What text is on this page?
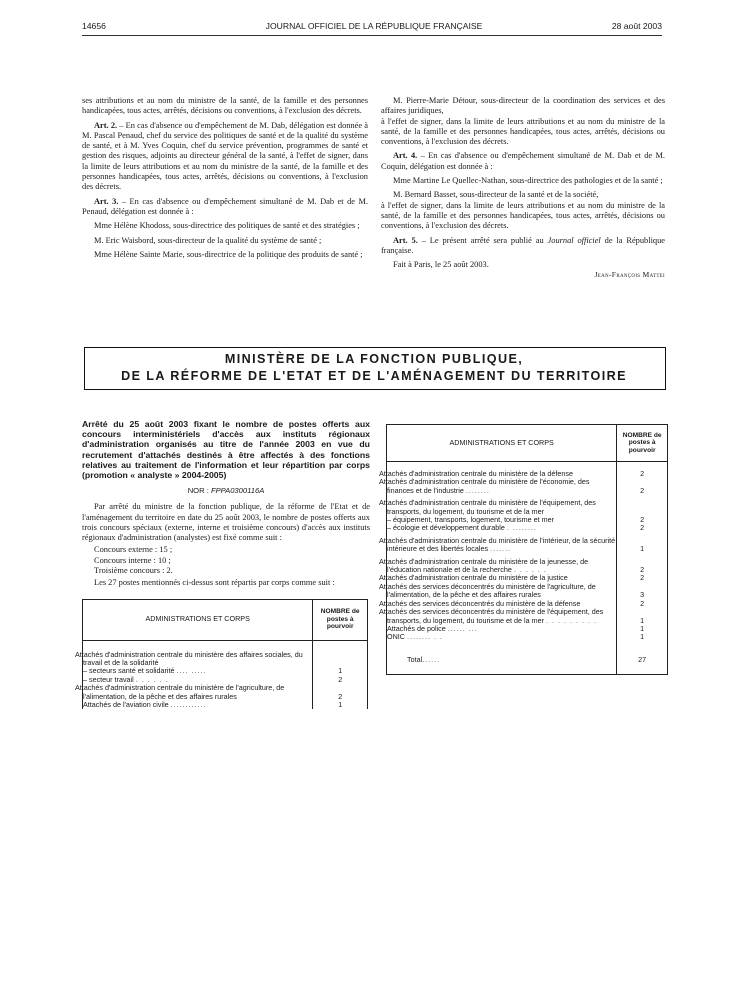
14656	JOURNAL OFFICIEL DE LA RÉPUBLIQUE FRANÇAISE	28 août 2003

ses attributions et au nom du ministre de la santé, de la famille et des personnes handicapées, tous actes, arrêtés, décisions ou conventions, à l'exclusion des décrets.

Art. 2. – En cas d'absence ou d'empêchement de M. Dab, délégation est donnée à M. Pascal Penaud, chef du service des politiques de santé et de la qualité du système de santé, et à M. Yves Coquin, chef du service prévention, programmes de santé et gestion des risques, adjoints au directeur général de la santé, à l'effet de signer, dans la limite de leurs attributions et au nom du ministre de la santé, de la famille et des personnes handicapées, tous actes, arrêtés, décisions ou conventions, à l'exclusion des décrets.

Art. 3. – En cas d'absence ou d'empêchement simultané de M. Dab et de M. Penaud, délégation est donnée à :

Mme Hélène Khodoss, sous-directrice des politiques de santé et des stratégies ;

M. Eric Waisbord, sous-directeur de la qualité du système de santé ;

Mme Hélène Sainte Marie, sous-directrice de la politique des produits de santé ;

M. Pierre-Marie Détour, sous-directeur de la coordination des services et des affaires juridiques,

à l'effet de signer, dans la limite de leurs attributions et au nom du ministre de la santé, de la famille et des personnes handicapées, tous actes, arrêtés, décisions ou conventions, à l'exclusion des décrets.

Art. 4. – En cas d'absence ou d'empêchement simultané de M. Dab et de M. Coquin, délégation est donnée à :

Mme Martine Le Quellec-Nathan, sous-directrice des pathologies et de la santé ;

M. Bernard Basset, sous-directeur de la santé et de la société,

à l'effet de signer, dans la limite de leurs attributions et au nom du ministre de la santé, de la famille et des personnes handicapées, tous actes, arrêtés, décisions ou conventions, à l'exclusion des décrets.

Art. 5. – Le présent arrêté sera publié au Journal officiel de la République française.

Fait à Paris, le 25 août 2003.

Jean-François Mattei

MINISTÈRE DE LA FONCTION PUBLIQUE,
DE LA RÉFORME DE L'ETAT ET DE L'AMÉNAGEMENT DU TERRITOIRE
Arrêté du 25 août 2003 fixant le nombre de postes offerts aux concours interministériels d'accès aux instituts régionaux d'administration organisés au titre de l'année 2003 en vue du recrutement d'attachés destinés à être affectés à des fonctions relatives au traitement de l'information et leur répartition par corps (promotion « analyste » 2004-2005)
NOR : FPPA0300116A

Par arrêté du ministre de la fonction publique, de la réforme de l'Etat et de l'aménagement du territoire en date du 25 août 2003, le nombre de postes offerts aux trois concours spéciaux (externe, interne et troisième concours) d'accès aux instituts régionaux d'administration (analystes) est fixé comme suit :

Concours externe : 15 ;

Concours interne : 10 ;

Troisième concours : 2.

Les 27 postes mentionnés ci-dessus sont répartis par corps comme suit :

ADMINISTRATIONS ET CORPS	NOMBRE de postes à pourvoir

Attachés d'administration centrale du ministère des affaires sociales, du travail et de la solidarité	
– secteurs santé et solidarité .... .....	1
– secteur travail . . . . . .	2
Attachés d'administration centrale du ministère de l'agriculture, de l'alimentation, de la pêche et des affaires rurales	2
Attachés de l'aviation civile ............	1
ADMINISTRATIONS ET CORPS	NOMBRE de postes à pourvoir

Attachés d'administration centrale du ministère de la défense	2
Attachés d'administration centrale du ministère de l'économie, des finances et de l'industrie ........	2
Attachés d'administration centrale du ministère de l'équipement, des transports, du logement, du tourisme et de la mer	
– équipement, transports, logement, tourisme et mer	2
– écologie et développement durable . ........	2
Attachés d'administration centrale du ministère de l'intérieur, de la sécurité intérieure et des libertés locales .......	1
Attachés d'administration centrale du ministère de la jeunesse, de l'éducation nationale et de la recherche . . . . . .	2
Attachés d'administration centrale du ministère de la justice	2
Attachés des services déconcentrés du ministère de l'agriculture, de l'alimentation, de la pêche et des affaires rurales	3
Attachés des services déconcentrés du ministère de la défense	2
Attachés des services déconcentrés du ministère de l'équipement, des transports, du logement, du tourisme et de la mer . . . . . . . . .	1
Attachés de police ...... ...	1
ONIC ........ . .	1

Total......	27
